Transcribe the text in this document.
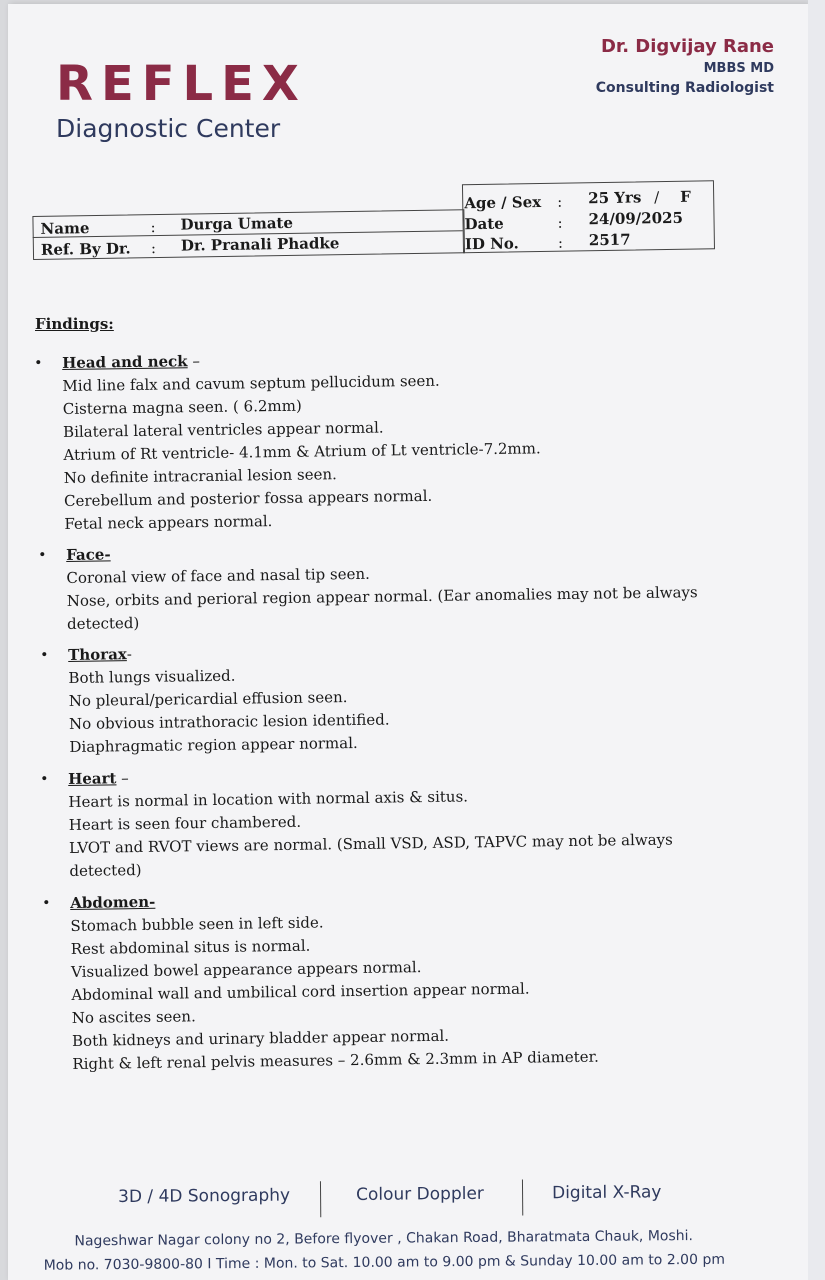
REFLEX
Diagnostic Center
Dr. Digvijay Rane
MBBS MD
Consulting Radiologist
Name	: Durga Umate
Ref. By Dr. : Dr. Pranali Phadke
Age / Sex : 25 Yrs / F
Date	: 24/09/2025
ID No.	: 2517
Findings:
• Head and neck –
Mid line falx and cavum septum pellucidum seen.
Cisterna magna seen. ( 6.2mm)
Bilateral lateral ventricles appear normal.
Atrium of Rt ventricle- 4.1mm & Atrium of Lt ventricle-7.2mm.
No definite intracranial lesion seen.
Cerebellum and posterior fossa appears normal.
Fetal neck appears normal.
• Face-
Coronal view of face and nasal tip seen.
Nose, orbits and perioral region appear normal. (Ear anomalies may not be always
detected)
• Thorax-
Both lungs visualized.
No pleural/pericardial effusion seen.
No obvious intrathoracic lesion identified.
Diaphragmatic region appear normal.
• Heart –
Heart is normal in location with normal axis & situs.
Heart is seen four chambered.
LVOT and RVOT views are normal. (Small VSD, ASD, TAPVC may not be always
detected)
• Abdomen-
Stomach bubble seen in left side.
Rest abdominal situs is normal.
Visualized bowel appearance appears normal.
Abdominal wall and umbilical cord insertion appear normal.
No ascites seen.
Both kidneys and urinary bladder appear normal.
Right & left renal pelvis measures – 2.6mm & 2.3mm in AP diameter.
3D / 4D Sonography	Colour Doppler	Digital X-Ray
Nageshwar Nagar colony no 2, Before flyover , Chakan Road, Bharatmata Chauk, Moshi.
Mob no. 7030-9800-80 I Time : Mon. to Sat. 10.00 am to 9.00 pm & Sunday 10.00 am to 2.00 pm
